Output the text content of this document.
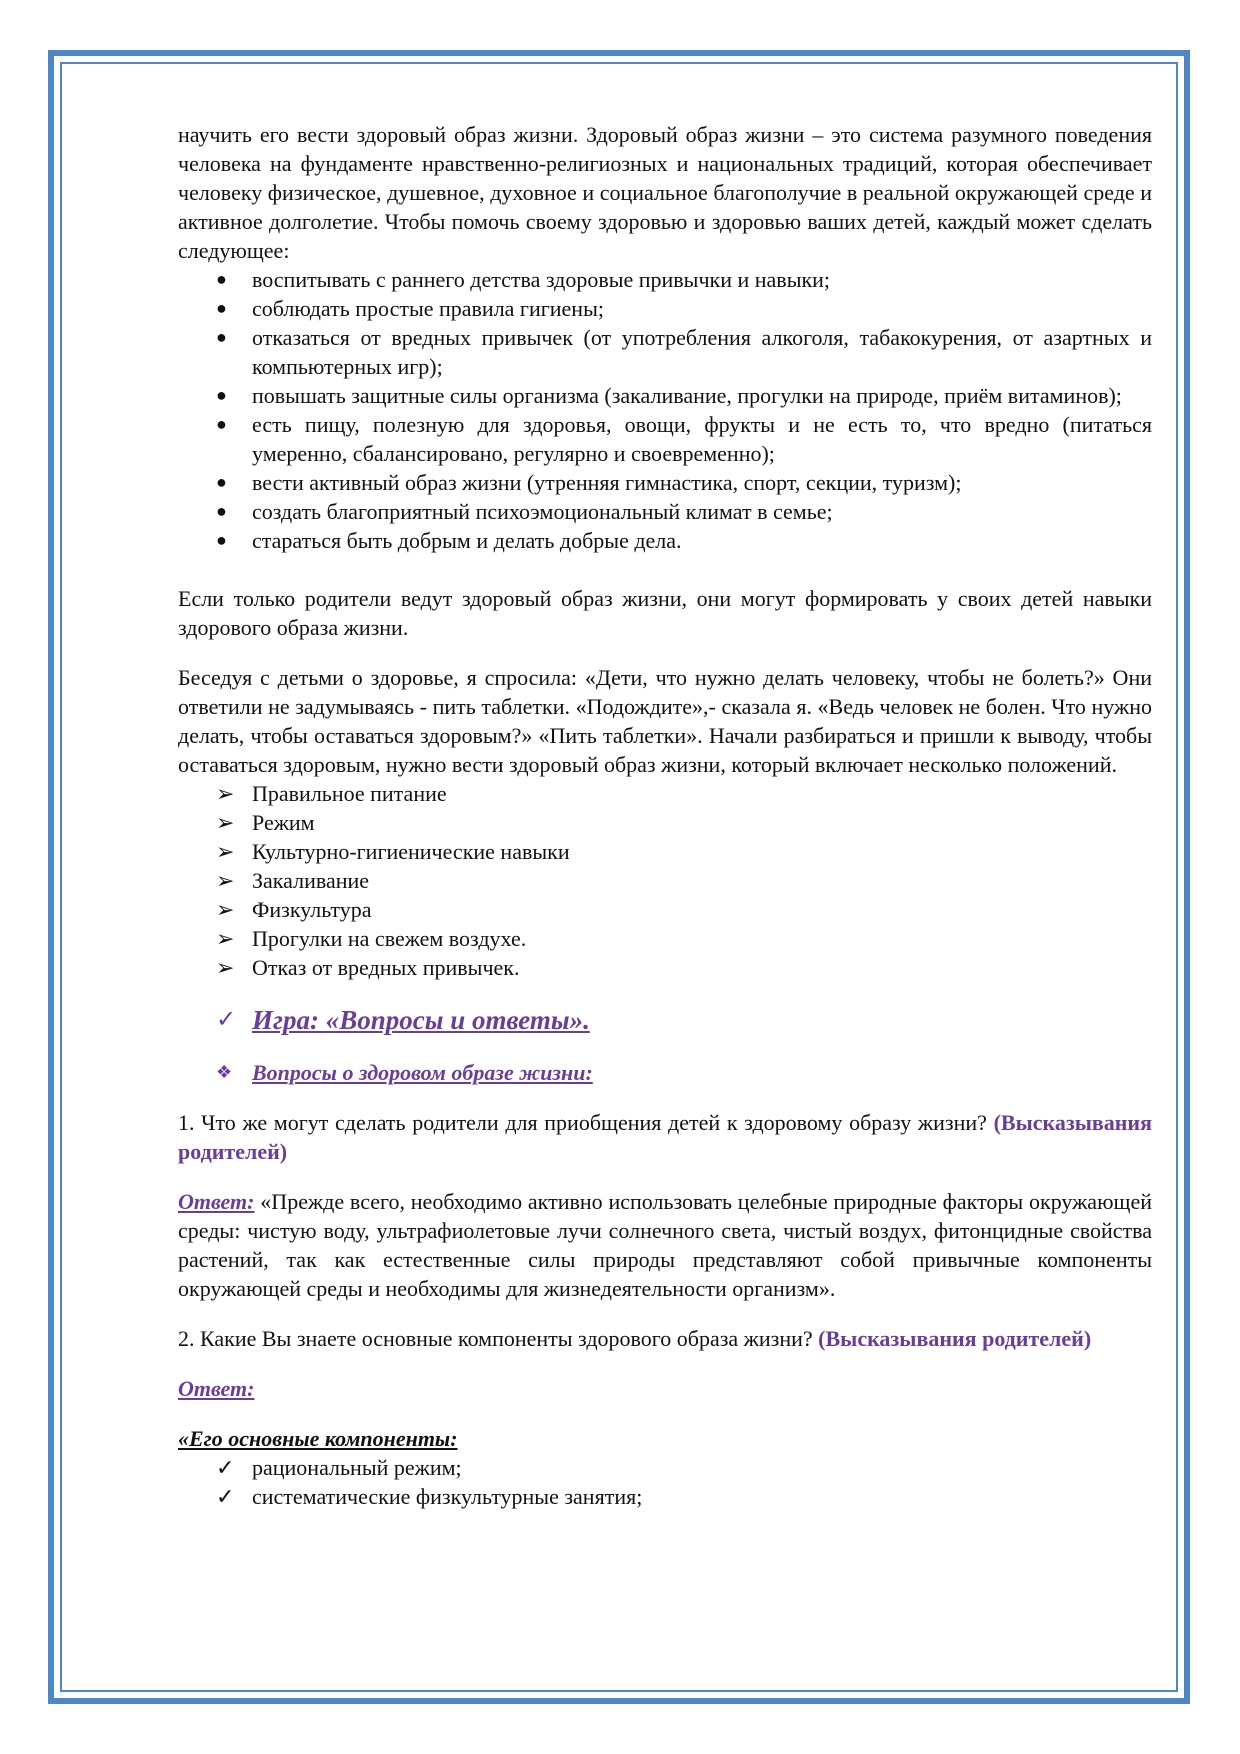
научить его вести здоровый образ жизни. Здоровый образ жизни – это система разумного поведения человека на фундаменте нравственно-религиозных и национальных традиций, которая обеспечивает человеку физическое, душевное, духовное и социальное благополучие в реальной окружающей среде и активное долголетие. Чтобы помочь своему здоровью и здоровью ваших детей, каждый может сделать следующее:

● воспитывать с раннего детства здоровые привычки и навыки;
● соблюдать простые правила гигиены;
● отказаться от вредных привычек (от употребления алкоголя, табакокурения, от азартных и компьютерных игр);
● повышать защитные силы организма (закаливание, прогулки на природе, приём витаминов);
● есть пищу, полезную для здоровья, овощи, фрукты и не есть то, что вредно (питаться умеренно, сбалансировано, регулярно и своевременно);
● вести активный образ жизни (утренняя гимнастика, спорт, секции, туризм);
● создать благоприятный психоэмоциональный климат в семье;
● стараться быть добрым и делать добрые дела.

Если только родители ведут здоровый образ жизни, они могут формировать у своих детей навыки здорового образа жизни.

Беседуя с детьми о здоровье, я спросила: «Дети, что нужно делать человеку, чтобы не болеть?» Они ответили не задумываясь - пить таблетки. «Подождите»,- сказала я. «Ведь человек не болен. Что нужно делать, чтобы оставаться здоровым?» «Пить таблетки». Начали разбираться и пришли к выводу, чтобы оставаться здоровым, нужно вести здоровый образ жизни, который включает несколько положений.

➢ Правильное питание
➢ Режим
➢ Культурно-гигиенические навыки
➢ Закаливание
➢ Физкультура
➢ Прогулки на свежем воздухе.
➢ Отказ от вредных привычек.
✓ Игра: «Вопросы и ответы».
❖ Вопросы о здоровом образе жизни:

1. Что же могут сделать родители для приобщения детей к здоровому образу жизни? (Высказывания родителей)

Ответ: «Прежде всего, необходимо активно использовать целебные природные факторы окружающей среды: чистую воду, ультрафиолетовые лучи солнечного света, чистый воздух, фитонцидные свойства растений, так как естественные силы природы представляют собой привычные компоненты окружающей среды и необходимы для жизнедеятельности организм».

2. Какие Вы знаете основные компоненты здорового образа жизни? (Высказывания родителей)

Ответ:

«Его основные компоненты:

✓ рациональный режим;
✓ систематические физкультурные занятия;
